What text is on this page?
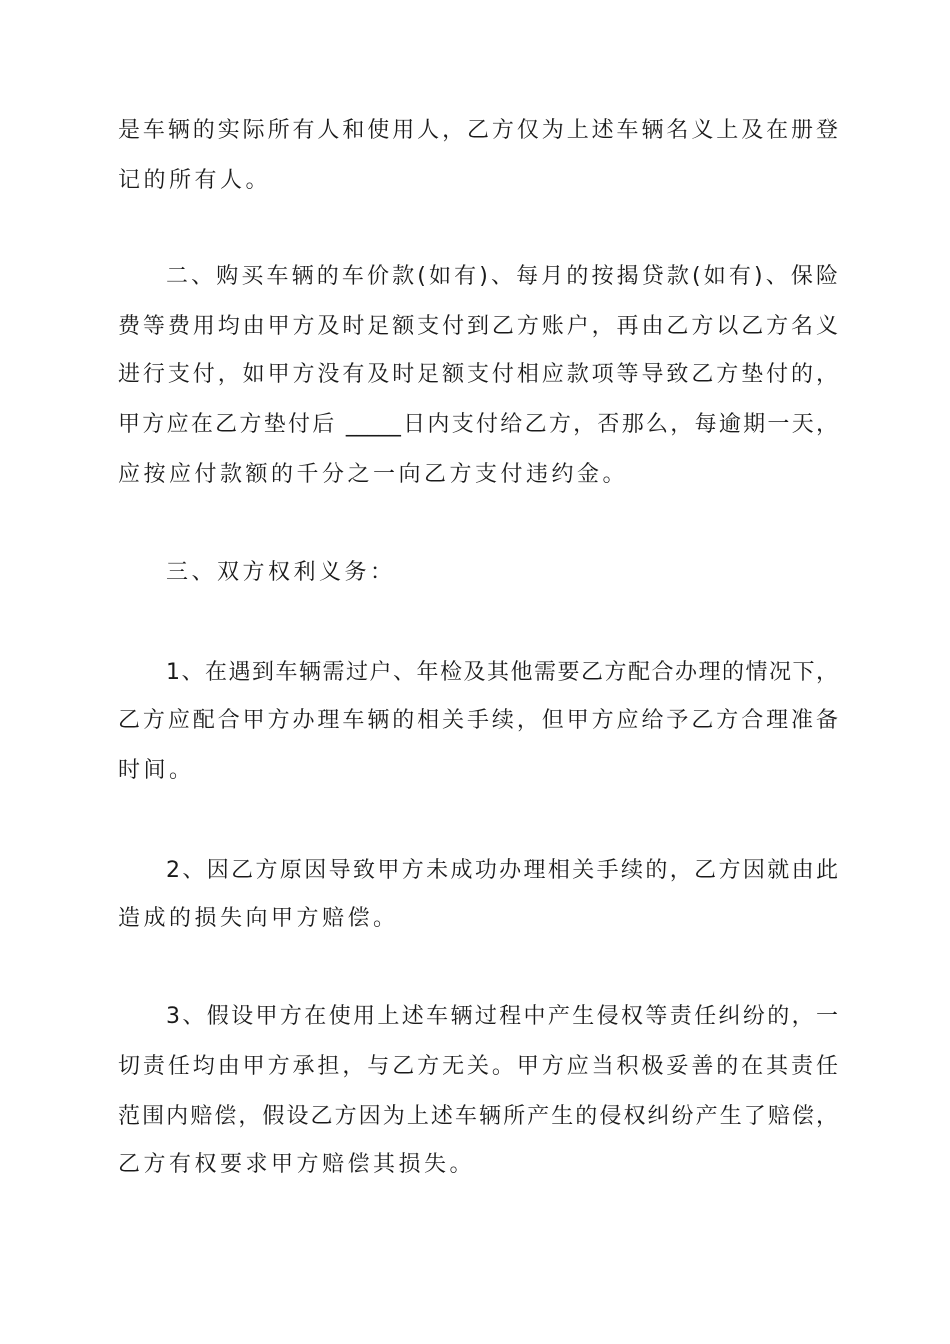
是车辆的实际所有人和使用人，乙方仅为上述车辆名义上及在册登
记的所有人。
二、购买车辆的车价款(如有)、每月的按揭贷款(如有)、保险
费等费用均由甲方及时足额支付到乙方账户，再由乙方以乙方名义
进行支付，如甲方没有及时足额支付相应款项等导致乙方垫付的，
甲方应在乙方垫付后 _____日内支付给乙方，否那么，每逾期一天，
应按应付款额的千分之一向乙方支付违约金。
三、双方权利义务：
1、在遇到车辆需过户、年检及其他需要乙方配合办理的情况下，
乙方应配合甲方办理车辆的相关手续，但甲方应给予乙方合理准备
时间。
2、因乙方原因导致甲方未成功办理相关手续的，乙方因就由此
造成的损失向甲方赔偿。
3、假设甲方在使用上述车辆过程中产生侵权等责任纠纷的，一
切责任均由甲方承担，与乙方无关。甲方应当积极妥善的在其责任
范围内赔偿，假设乙方因为上述车辆所产生的侵权纠纷产生了赔偿，
乙方有权要求甲方赔偿其损失。
